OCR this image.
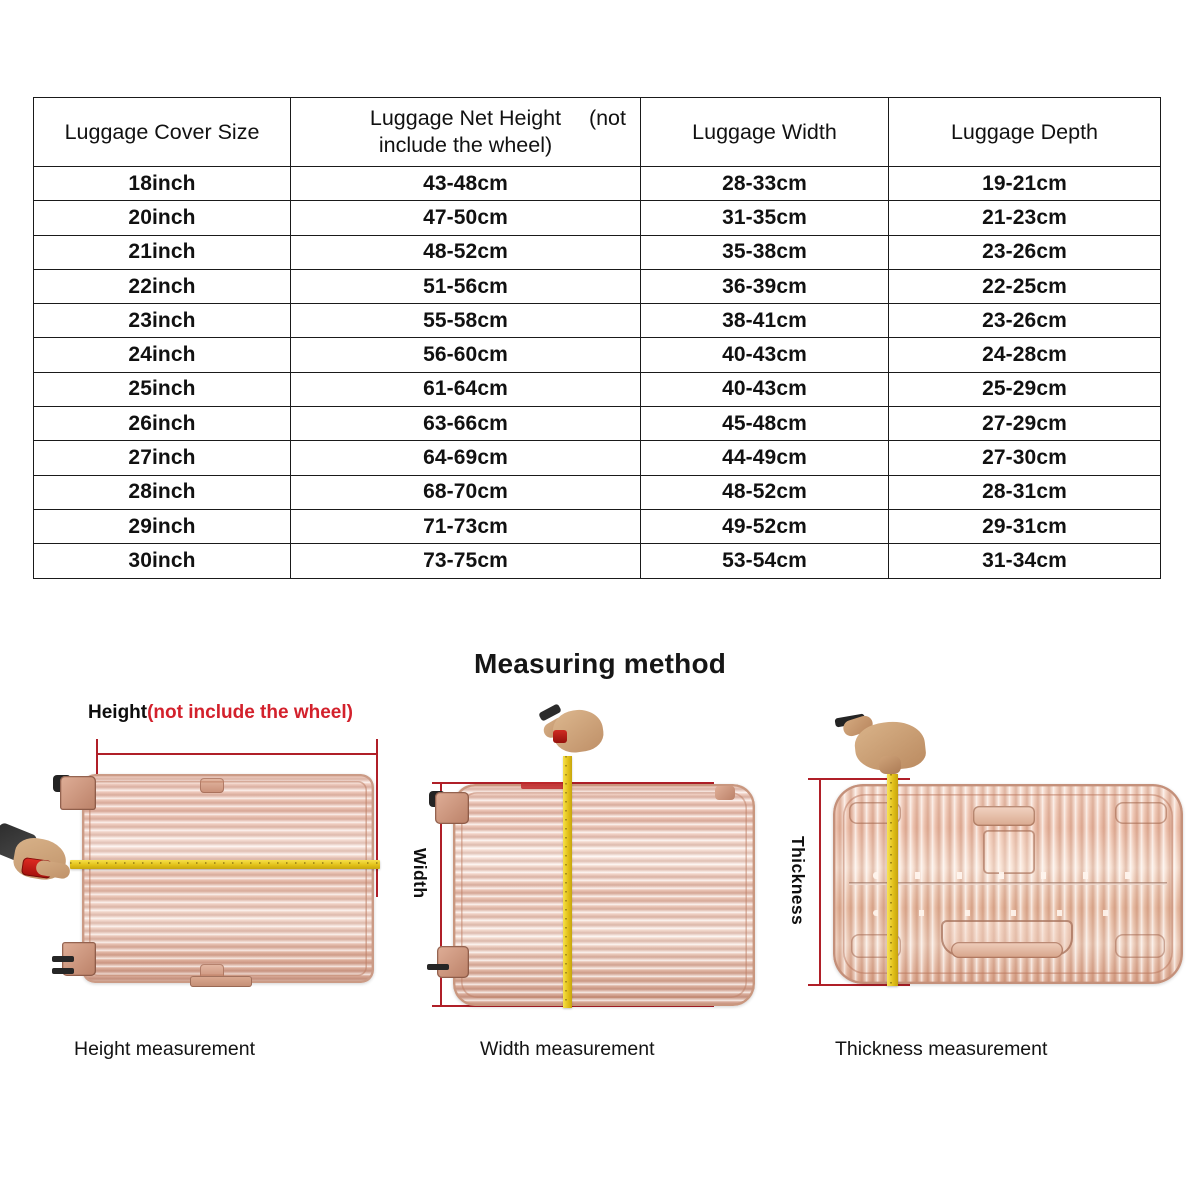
Luggage Cover Size	Luggage Net Height (not
include the wheel)	Luggage Width	Luggage Depth
18inch	43-48cm	28-33cm	19-21cm
20inch	47-50cm	31-35cm	21-23cm
21inch	48-52cm	35-38cm	23-26cm
22inch	51-56cm	36-39cm	22-25cm
23inch	55-58cm	38-41cm	23-26cm
24inch	56-60cm	40-43cm	24-28cm
25inch	61-64cm	40-43cm	25-29cm
26inch	63-66cm	45-48cm	27-29cm
27inch	64-69cm	44-49cm	27-30cm
28inch	68-70cm	48-52cm	28-31cm
29inch	71-73cm	49-52cm	29-31cm
30inch	73-75cm	53-54cm	31-34cm
Measuring method
Height(not include the wheel)
Height measurement
Width
Width measurement
Thickness
Thickness measurement
